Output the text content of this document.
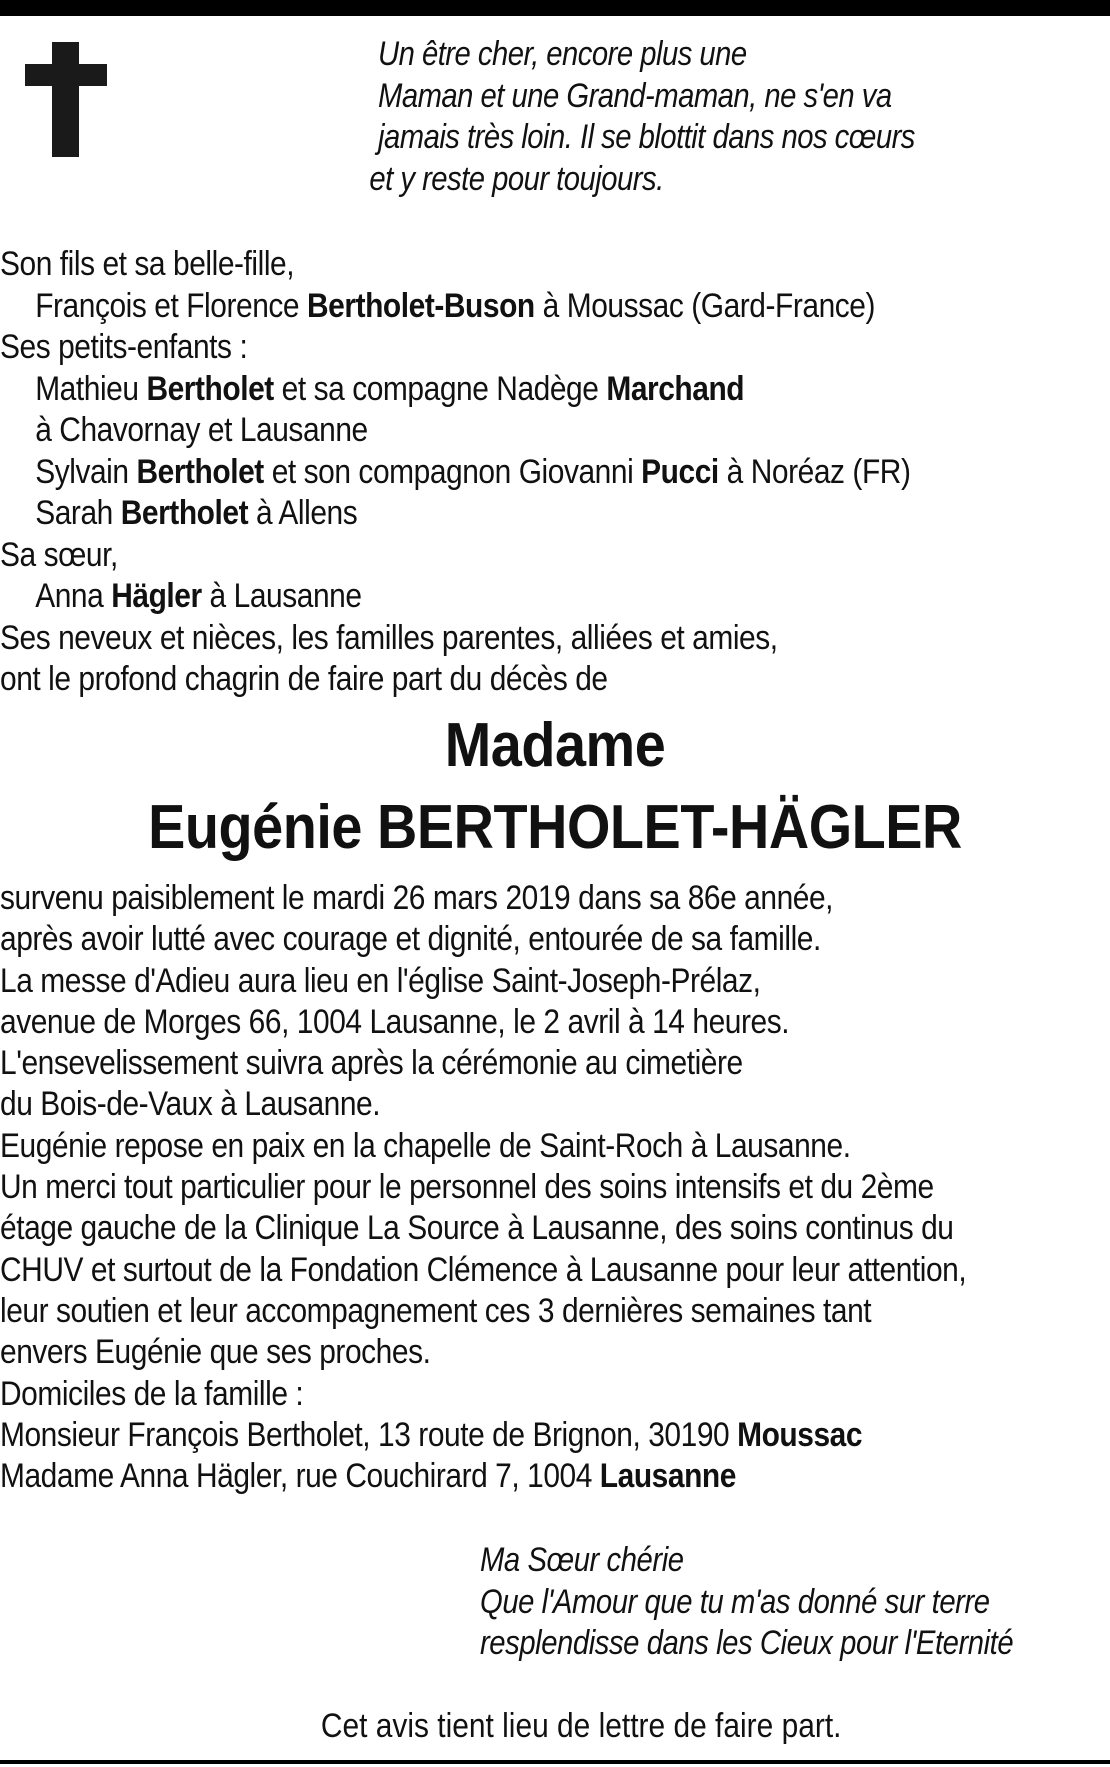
Un être cher, encore plus une
Maman et une Grand-maman, ne s'en va
jamais très loin. Il se blottit dans nos cœurs
et y reste pour toujours.
Son fils et sa belle-fille,
François et Florence Bertholet-Buson à Moussac (Gard-France)
Ses petits-enfants :
Mathieu Bertholet et sa compagne Nadège Marchand
à Chavornay et Lausanne
Sylvain Bertholet et son compagnon Giovanni Pucci à Noréaz (FR)
Sarah Bertholet à Allens
Sa sœur,
Anna Hägler à Lausanne
Ses neveux et nièces, les familles parentes, alliées et amies,
ont le profond chagrin de faire part du décès de
Madame
Eugénie BERTHOLET-HÄGLER
survenu paisiblement le mardi 26 mars 2019 dans sa 86e année,
après avoir lutté avec courage et dignité, entourée de sa famille.
La messe d'Adieu aura lieu en l'église Saint-Joseph-Prélaz,
avenue de Morges 66, 1004 Lausanne, le 2 avril à 14 heures.
L'ensevelissement suivra après la cérémonie au cimetière
du Bois-de-Vaux à Lausanne.
Eugénie repose en paix en la chapelle de Saint-Roch à Lausanne.
Un merci tout particulier pour le personnel des soins intensifs et du 2ème
étage gauche de la Clinique La Source à Lausanne, des soins continus du
CHUV et surtout de la Fondation Clémence à Lausanne pour leur attention,
leur soutien et leur accompagnement ces 3 dernières semaines tant
envers Eugénie que ses proches.
Domiciles de la famille :
Monsieur François Bertholet, 13 route de Brignon, 30190 Moussac
Madame Anna Hägler, rue Couchirard 7, 1004 Lausanne
Ma Sœur chérie
Que l'Amour que tu m'as donné sur terre
resplendisse dans les Cieux pour l'Eternité
Cet avis tient lieu de lettre de faire part.
